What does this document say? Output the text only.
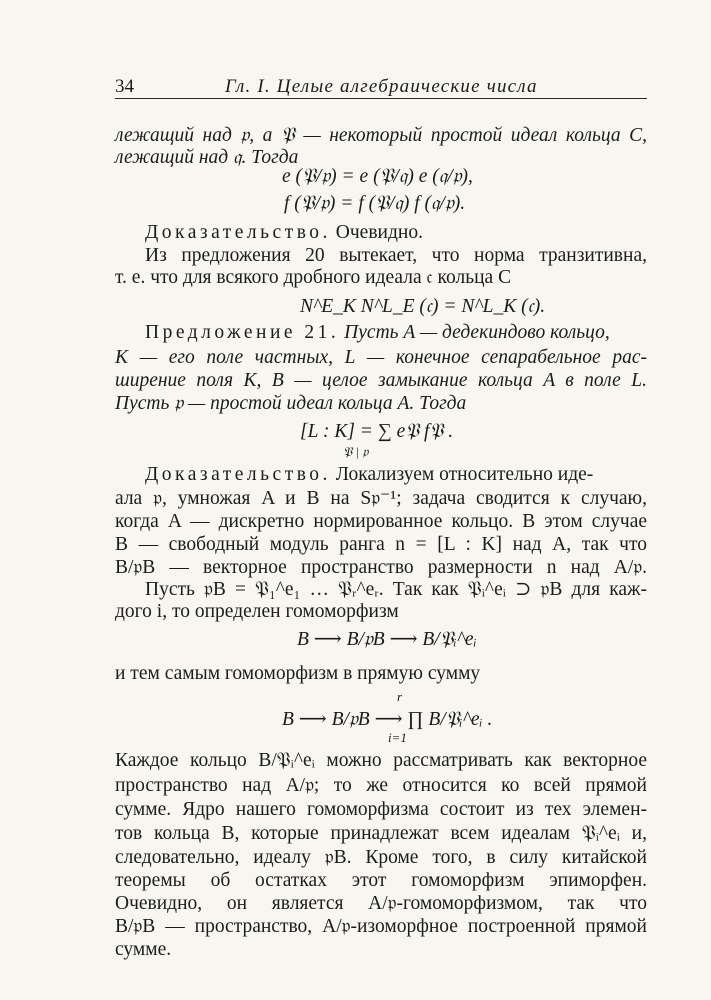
34	Гл. I. Целые алгебраические числа
лежащий над 𝔭, а 𝔓 — некоторый простой идеал кольца C,
лежащий над 𝔮. Тогда
e (𝔓/𝔭) = e (𝔓/𝔮) e (𝔮/𝔭),
f (𝔓/𝔭) = f (𝔓/𝔮) f (𝔮/𝔭).
Доказательство. Очевидно.
Из предложения 20 вытекает, что норма транзитивна,
т. е. что для всякого дробного идеала 𝔠 кольца C
N^E_K N^L_E (𝔠) = N^L_K (𝔠).
Предложение 21. Пусть A — дедекиндово кольцо,
K — его поле частных, L — конечное сепарабельное рас-
ширение поля K, B — целое замыкание кольца A в поле L.
Пусть 𝔭 — простой идеал кольца A. Тогда
[L : K] = ∑ e𝔓 f𝔓 .
𝔓 | 𝔭
Доказательство. Локализуем относительно иде-
ала 𝔭, умножая A и B на S𝔭⁻¹; задача сводится к случаю,
когда A — дискретно нормированное кольцо. В этом случае
B — свободный модуль ранга n = [L : K] над A, так что
B/𝔭B — векторное пространство размерности n над A/𝔭.
Пусть 𝔭B = 𝔓₁^e₁ … 𝔓ᵣ^eᵣ. Так как 𝔓ᵢ^eᵢ ⊃ 𝔭B для каж-
дого i, то определен гомоморфизм
B ⟶ B/𝔭B ⟶ B/𝔓ᵢ^eᵢ
и тем самым гомоморфизм в прямую сумму
r
B ⟶ B/𝔭B ⟶ ∏ B/𝔓ᵢ^eᵢ .
i=1
Каждое кольцо B/𝔓ᵢ^eᵢ можно рассматривать как векторное
пространство над A/𝔭; то же относится ко всей прямой
сумме. Ядро нашего гомоморфизма состоит из тех элемен-
тов кольца B, которые принадлежат всем идеалам 𝔓ᵢ^eᵢ и,
следовательно, идеалу 𝔭B. Кроме того, в силу китайской
теоремы об остатках этот гомоморфизм эпиморфен.
Очевидно, он является A/𝔭-гомоморфизмом, так что
B/𝔭B — пространство, A/𝔭-изоморфное построенной прямой
сумме.
